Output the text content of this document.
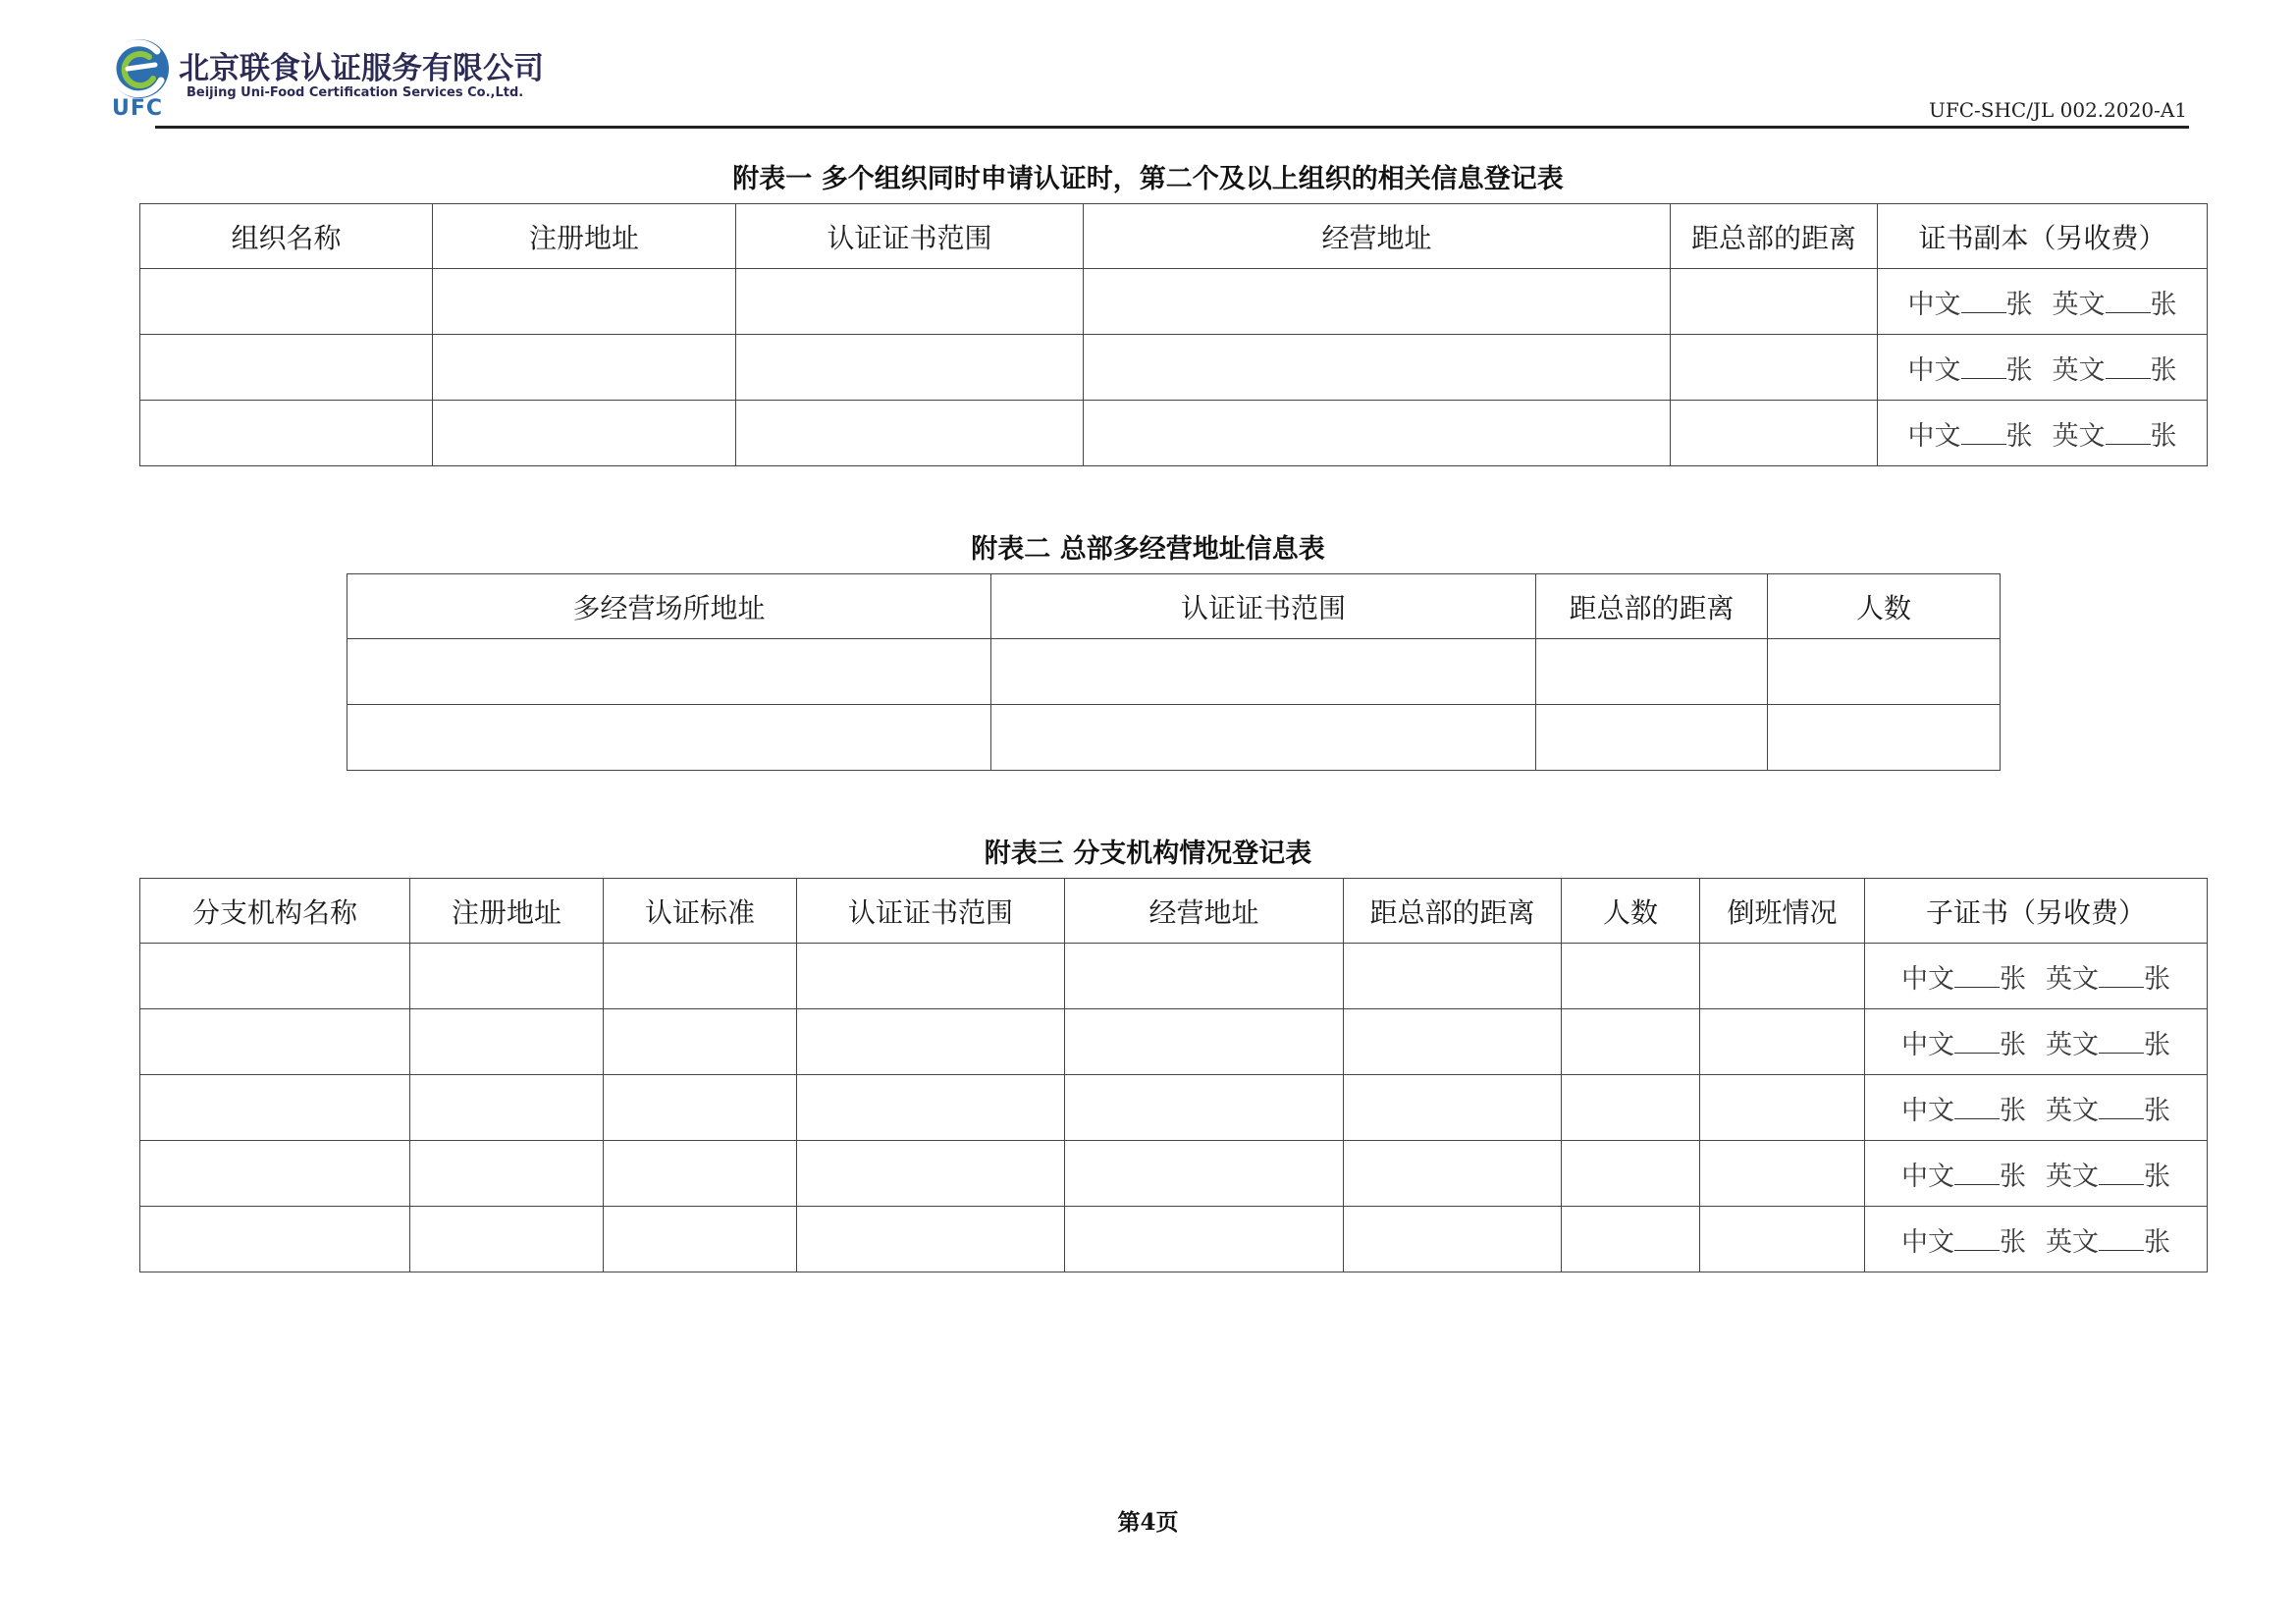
UFC
北京联食认证服务有限公司
Beijing Uni-Food Certification Services Co.,Ltd.
UFC-SHC/JL 002.2020-A1
附表一 多个组织同时申请认证时，第二个及以上组织的相关信息登记表
组织名称	注册地址	认证证书范围	经营地址	距总部的距离	证书副本（另收费）
					中文 张 英文 张
					中文 张 英文 张
					中文 张 英文 张
附表二 总部多经营地址信息表
多经营场所地址	认证证书范围	距总部的距离	人数

附表三 分支机构情况登记表
分支机构名称	注册地址	认证标准	认证证书范围	经营地址	距总部的距离	人数	倒班情况	子证书（另收费）
								中文 张 英文 张
								中文 张 英文 张
								中文 张 英文 张
								中文 张 英文 张
								中文 张 英文 张
第4页
